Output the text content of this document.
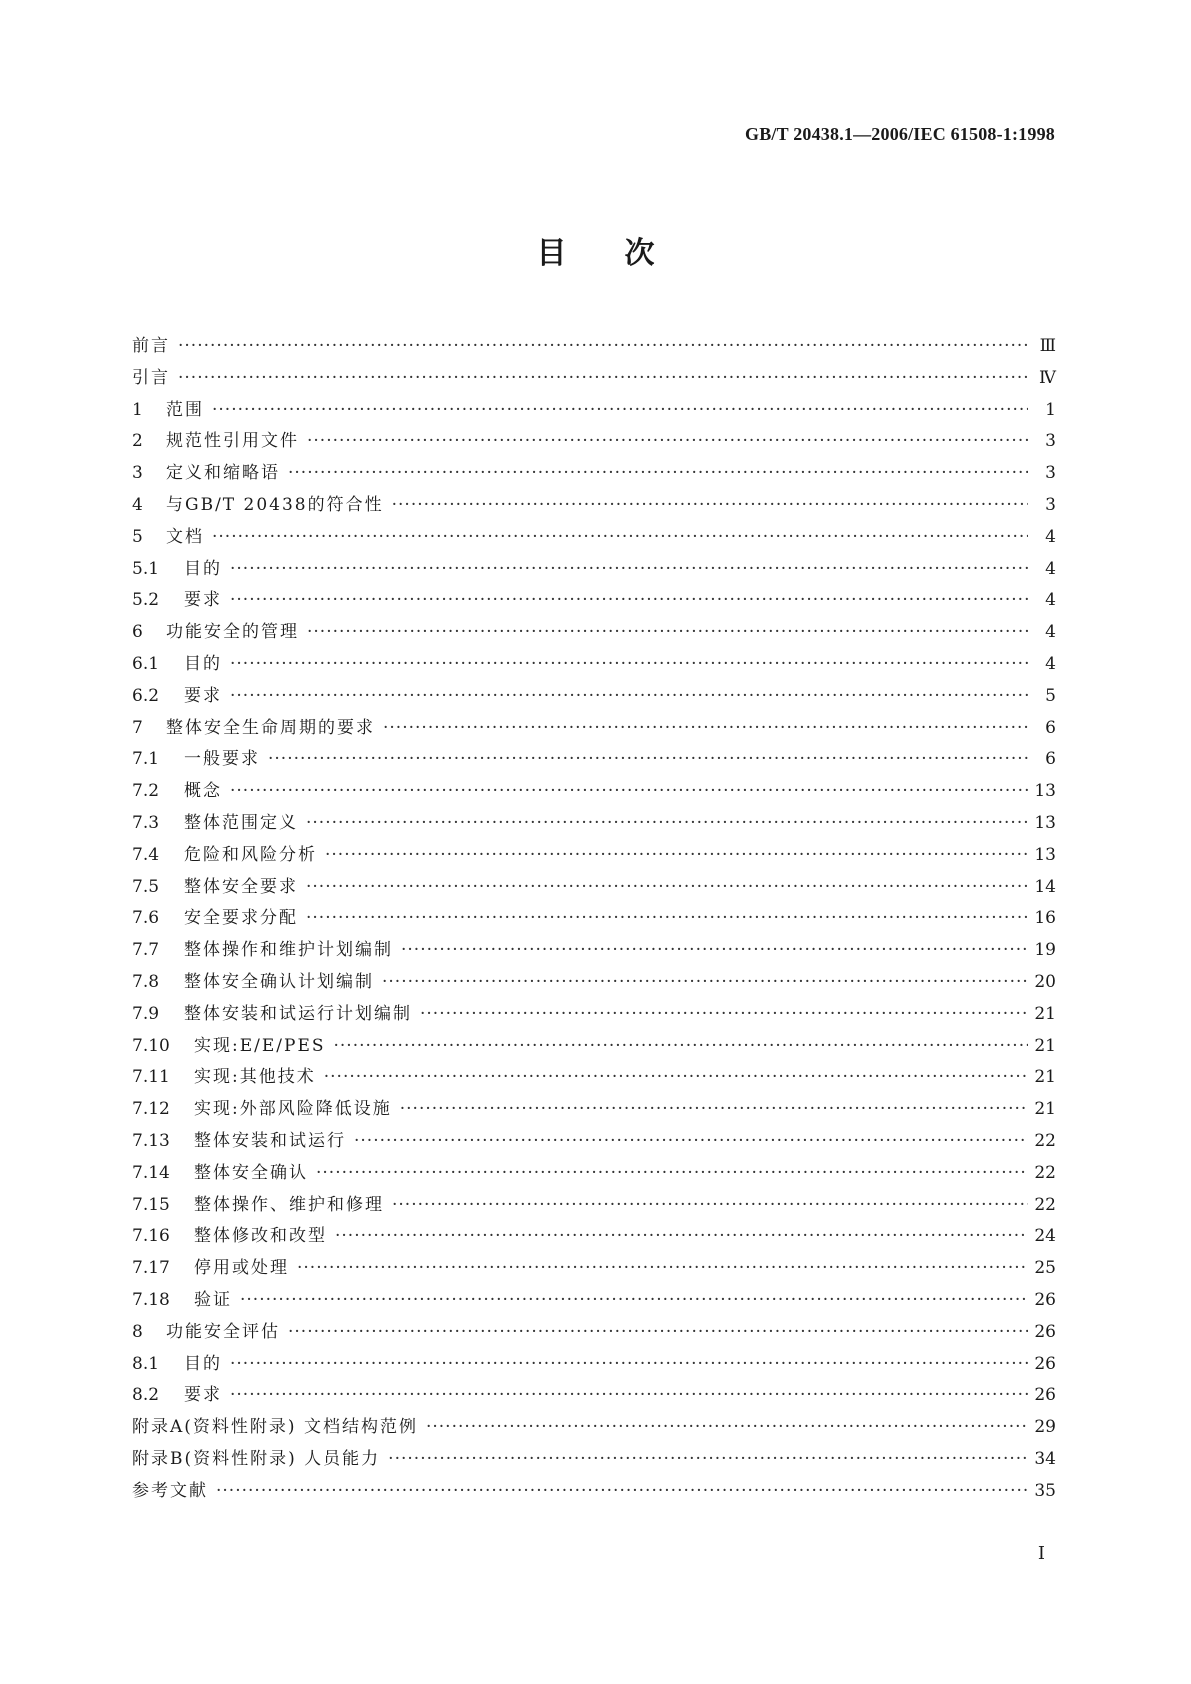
GB/T 20438.1—2006/IEC 61508-1:1998
目次
前言 ·····	Ⅲ
引言 ·····	Ⅳ
1	范围 ·····	1
2	规范性引用文件 ·····	3
3	定义和缩略语 ·····	3
4	与GB/T 20438的符合性 ·····	3
5	文档 ·····	4
5.1	目的 ·····	4
5.2	要求 ·····	4
6	功能安全的管理 ·····	4
6.1	目的 ·····	4
6.2	要求 ·····	5
7	整体安全生命周期的要求 ·····	6
7.1	一般要求 ·····	6
7.2	概念 ·····	13
7.3	整体范围定义 ·····	13
7.4	危险和风险分析 ·····	13
7.5	整体安全要求 ·····	14
7.6	安全要求分配 ·····	16
7.7	整体操作和维护计划编制 ·····	19
7.8	整体安全确认计划编制 ·····	20
7.9	整体安装和试运行计划编制 ·····	21
7.10	实现:E/E/PES ·····	21
7.11	实现:其他技术 ·····	21
7.12	实现:外部风险降低设施 ·····	21
7.13	整体安装和试运行 ·····	22
7.14	整体安全确认 ·····	22
7.15	整体操作、维护和修理 ·····	22
7.16	整体修改和改型 ·····	24
7.17	停用或处理 ·····	25
7.18	验证 ·····	26
8	功能安全评估 ·····	26
8.1	目的 ·····	26
8.2	要求 ·····	26
附录A(资料性附录) 文档结构范例 ·····	29
附录B(资料性附录) 人员能力 ·····	34
参考文献 ·····	35
Ⅰ
